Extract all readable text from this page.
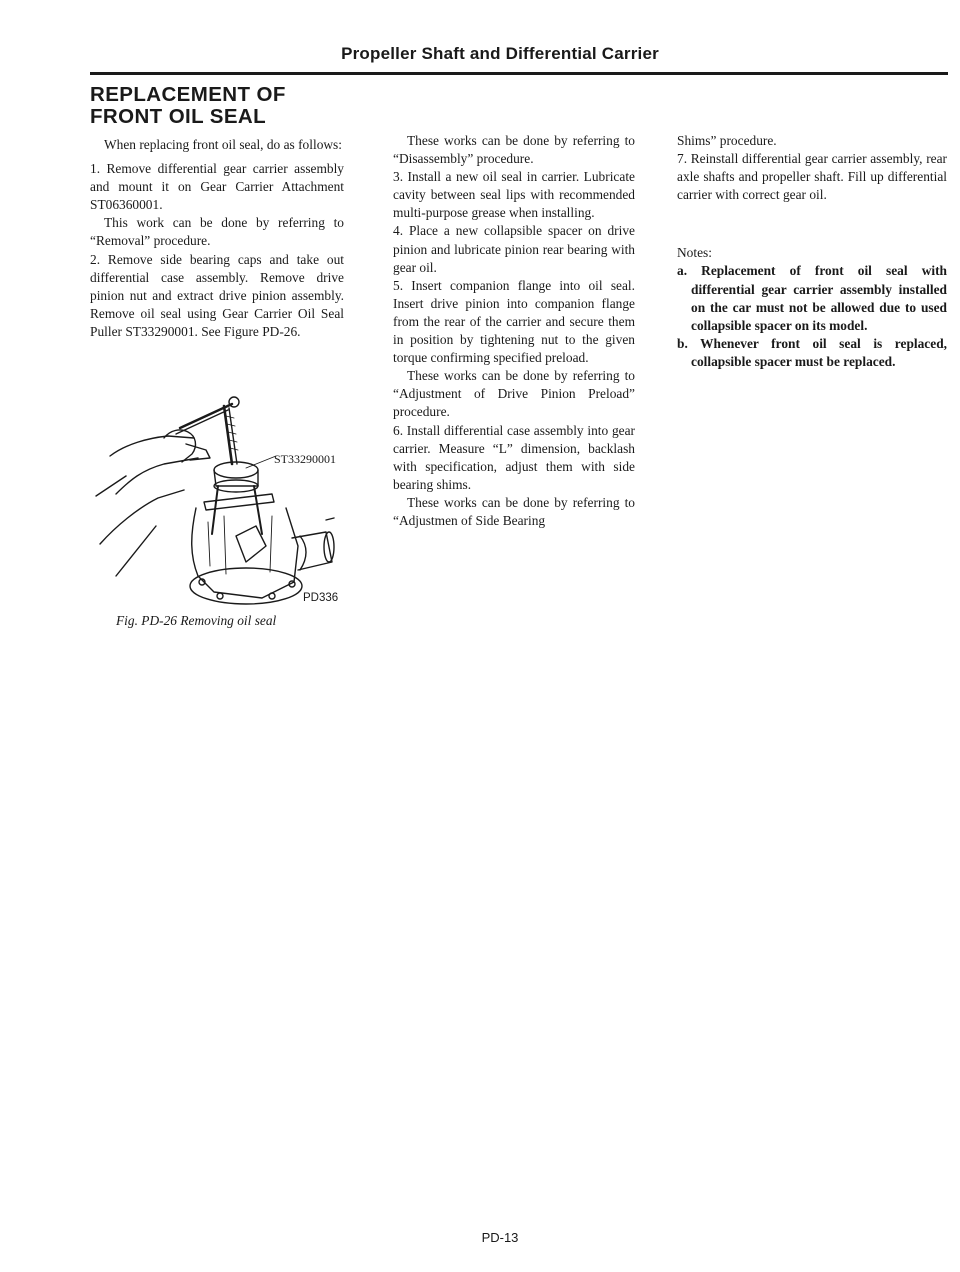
Propeller Shaft and Differential Carrier
REPLACEMENT OF
FRONT OIL SEAL

When replacing front oil seal, do as follows:

1. Remove differential gear carrier assembly and mount it on Gear Carrier Attachment ST06360001.

This work can be done by referring to “Removal” procedure.

2. Remove side bearing caps and take out differential case assembly. Remove drive pinion nut and extract drive pinion assembly. Remove oil seal using Gear Carrier Oil Seal Puller ST33290001. See Figure PD-26.

ST33290001
PD336
Fig. PD-26 Removing oil seal

These works can be done by referring to “Disassembly” procedure.

3. Install a new oil seal in carrier. Lubricate cavity between seal lips with recommended multi-purpose grease when installing.

4. Place a new collapsible spacer on drive pinion and lubricate pinion rear bearing with gear oil.

5. Insert companion flange into oil seal. Insert drive pinion into companion flange from the rear of the carrier and secure them in position by tightening nut to the given torque confirming specified preload.

These works can be done by referring to “Adjustment of Drive Pinion Preload” procedure.

6. Install differential case assembly into gear carrier. Measure “L” dimension, backlash with specification, adjust them with side bearing shims.

These works can be done by referring to “Adjustmen of Side Bearing

Shims” procedure.

7. Reinstall differential gear carrier assembly, rear axle shafts and propeller shaft. Fill up differential carrier with correct gear oil.

Notes:

a. Replacement of front oil seal with differential gear carrier assembly installed on the car must not be allowed due to used collapsible spacer on its model.

b. Whenever front oil seal is replaced, collapsible spacer must be replaced.

PD-13
